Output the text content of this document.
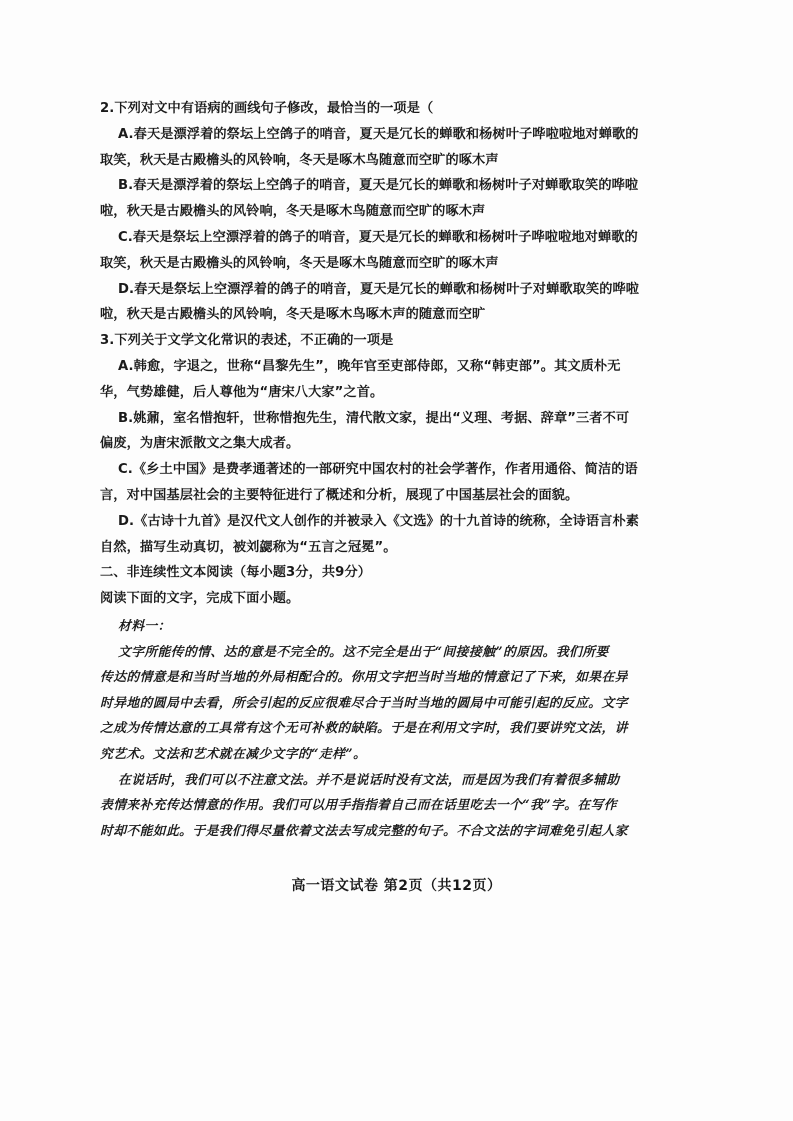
2.下列对文中有语病的画线句子修改，最恰当的一项是（
A.春天是漂浮着的祭坛上空鸽子的哨音，夏天是冗长的蝉歌和杨树叶子哗啦啦地对蝉歌的
取笑，秋天是古殿檐头的风铃响，冬天是啄木鸟随意而空旷的啄木声
B.春天是漂浮着的祭坛上空鸽子的哨音，夏天是冗长的蝉歌和杨树叶子对蝉歌取笑的哗啦
啦，秋天是古殿檐头的风铃响，冬天是啄木鸟随意而空旷的啄木声
C.春天是祭坛上空漂浮着的鸽子的哨音，夏天是冗长的蝉歌和杨树叶子哗啦啦地对蝉歌的
取笑，秋天是古殿檐头的风铃响，冬天是啄木鸟随意而空旷的啄木声
D.春天是祭坛上空漂浮着的鸽子的哨音，夏天是冗长的蝉歌和杨树叶子对蝉歌取笑的哗啦
啦，秋天是古殿檐头的风铃响，冬天是啄木鸟啄木声的随意而空旷
3.下列关于文学文化常识的表述，不正确的一项是
A.韩愈，字退之，世称“昌黎先生”，晚年官至吏部侍郎，又称“韩吏部”。其文质朴无
华，气势雄健，后人尊他为“唐宋八大家”之首。
B.姚鼐，室名惜抱轩，世称惜抱先生，清代散文家，提出“义理、考据、辞章”三者不可
偏废，为唐宋派散文之集大成者。
C.《乡土中国》是费孝通著述的一部研究中国农村的社会学著作，作者用通俗、简洁的语
言，对中国基层社会的主要特征进行了概述和分析，展现了中国基层社会的面貌。
D.《古诗十九首》是汉代文人创作的并被录入《文选》的十九首诗的统称，全诗语言朴素
自然，描写生动真切，被刘勰称为“五言之冠冕”。
二、非连续性文本阅读（每小题3分，共9分）
阅读下面的文字，完成下面小题。
材料一：
文字所能传的情、达的意是不完全的。这不完全是出于“间接接触”的原因。我们所要
传达的情意是和当时当地的外局相配合的。你用文字把当时当地的情意记了下来，如果在异
时异地的圆局中去看，所会引起的反应很难尽合于当时当地的圆局中可能引起的反应。文字
之成为传情达意的工具常有这个无可补救的缺陷。于是在利用文字时，我们要讲究文法，讲
究艺术。文法和艺术就在减少文字的“走样”。
在说话时，我们可以不注意文法。并不是说话时没有文法，而是因为我们有着很多辅助
表情来补充传达情意的作用。我们可以用手指指着自己而在话里吃去一个“我”字。在写作
时却不能如此。于是我们得尽量依着文法去写成完整的句子。不合文法的字词难免引起人家
高一语文试卷 第2页（共12页）
